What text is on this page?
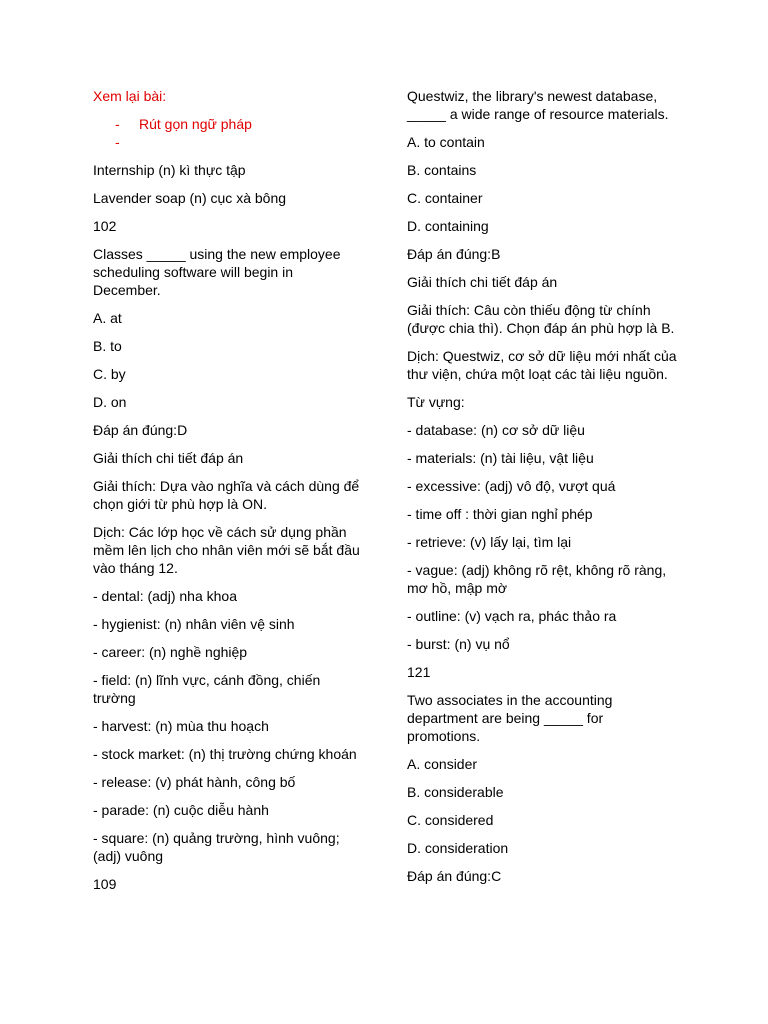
Xem lại bài:

- Rút gọn ngữ pháp
-

Internship (n) kì thực tập

Lavender soap (n) cục xà bông

102

Classes _____ using the new employee scheduling software will begin in December.

A. at

B. to

C. by

D. on

Đáp án đúng:D

Giải thích chi tiết đáp án

Giải thích: Dựa vào nghĩa và cách dùng để chọn giới từ phù hợp là ON.

Dịch: Các lớp học về cách sử dụng phần mềm lên lịch cho nhân viên mới sẽ bắt đầu vào tháng 12.

- dental: (adj) nha khoa

- hygienist: (n) nhân viên vệ sinh

- career: (n) nghề nghiệp

- field: (n) lĩnh vực, cánh đồng, chiến trường

- harvest: (n) mùa thu hoạch

- stock market: (n) thị trường chứng khoán

- release: (v) phát hành, công bố

- parade: (n) cuộc diễu hành

- square: (n) quảng trường, hình vuông; (adj) vuông

109

Questwiz, the library's newest database, _____ a wide range of resource materials.

A. to contain

B. contains

C. container

D. containing

Đáp án đúng:B

Giải thích chi tiết đáp án

Giải thích: Câu còn thiếu động từ chính (được chia thì). Chọn đáp án phù hợp là B.

Dịch: Questwiz, cơ sở dữ liệu mới nhất của thư viện, chứa một loạt các tài liệu nguồn.

Từ vựng:

- database: (n) cơ sở dữ liệu

- materials: (n) tài liệu, vật liệu

- excessive: (adj) vô độ, vượt quá

- time off : thời gian nghỉ phép

- retrieve: (v) lấy lại, tìm lại

- vague: (adj) không rõ rệt, không rõ ràng, mơ hồ, mập mờ

- outline: (v) vạch ra, phác thảo ra

- burst: (n) vụ nổ

121

Two associates in the accounting department are being _____ for promotions.

A. consider

B. considerable

C. considered

D. consideration

Đáp án đúng:C
